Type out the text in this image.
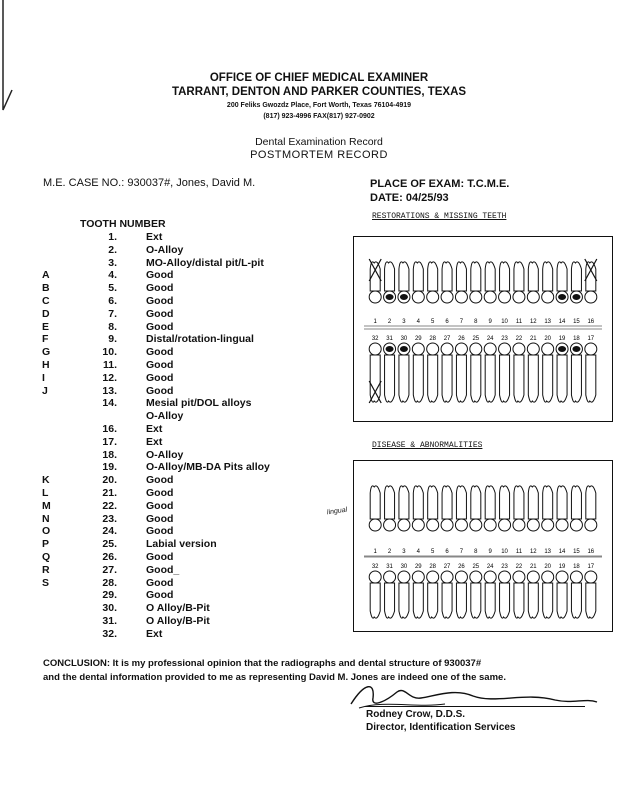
OFFICE OF CHIEF MEDICAL EXAMINER
TARRANT, DENTON AND PARKER COUNTIES, TEXAS
200 Feliks Gwozdz Place, Fort Worth, Texas 76104-4919
(817) 923-4996 FAX(817) 927-0902
Dental Examination Record
POSTMORTEM RECORD
M.E. CASE NO.: 930037#, Jones, David M.	PLACE OF EXAM: T.C.M.E.
DATE: 04/25/93
TOOTH NUMBER
1.	Ext
2.	O-Alloy
3.	MO-Alloy/distal pit/L-pit
A	4.	Good
B	5.	Good
C	6.	Good
D	7.	Good
E	8.	Good
F	9.	Distal/rotation-lingual
G	10.	Good
H	11.	Good
I	12.	Good
J	13.	Good
14.	Mesial pit/DOL alloys
O-Alloy
16.	Ext
17.	Ext
18.	O-Alloy
19.	O-Alloy/MB-DA Pits alloy
K	20.	Good
L	21.	Good
M	22.	Good
N	23.	Good
O	24.	Good
P	25.	Labial version
Q	26.	Good
R	27.	Good_
S	28.	Good
29.	Good
30.	O Alloy/B-Pit
31.	O Alloy/B-Pit
32.	Ext
RESTORATIONS & MISSING TEETH
1
32
2
31
3
30
4
29
5
28
6
27
7
26
8
25
9
24
10
23
11
22
12
21
13
20
14
19
15
18
16
17
DISEASE & ABNORMALITIES
1
32
2
31
3
30
4
29
5
28
6
27
7
26
8
25
9
24
10
23
11
22
12
21
13
20
14
19
15
18
16
17
lingual
CONCLUSION: It is my professional opinion that the radiographs and dental structure of 930037#
and the dental information provided to me as representing David M. Jones are indeed one of the same.
Rodney Crow, D.D.S.
Director, Identification Services
